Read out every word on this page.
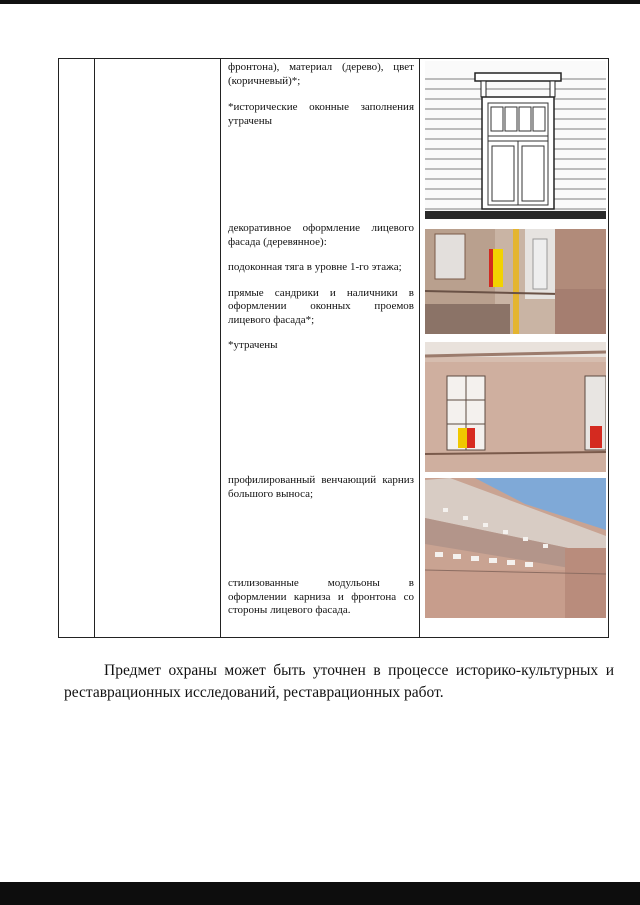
фронтона), материал (дерево), цвет (коричневый)*;

*исторические оконные заполнения утрачены

декоративное оформление лицевого фасада (деревянное):

подоконная тяга в уровне 1-го этажа;

прямые сандрики и наличники в оформлении оконных проемов лицевого фасада*;

*утрачены

профилированный венчающий карниз большого выноса;

стилизованные модульоны в оформлении карниза и фронтона со стороны лицевого фасада.

Предмет охраны может быть уточнен в процессе историко-культурных и реставрационных исследований, реставрационных работ.
